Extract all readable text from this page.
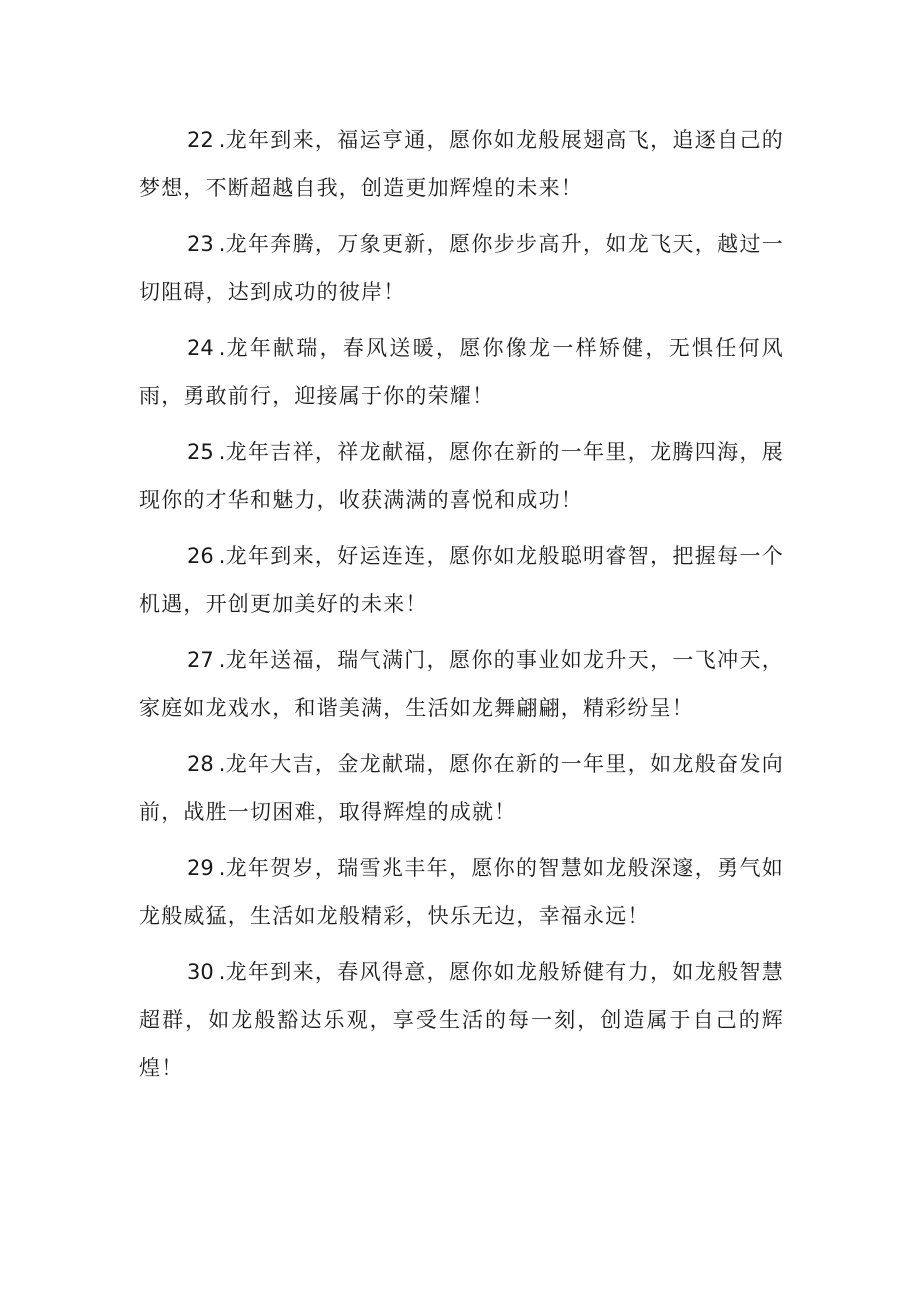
22 .龙年到来，福运亨通，愿你如龙般展翅高飞，追逐自己的梦想，不断超越自我，创造更加辉煌的未来！

23 .龙年奔腾，万象更新，愿你步步高升，如龙飞天，越过一切阻碍，达到成功的彼岸！

24 .龙年献瑞，春风送暖，愿你像龙一样矫健，无惧任何风雨，勇敢前行，迎接属于你的荣耀！

25 .龙年吉祥，祥龙献福，愿你在新的一年里，龙腾四海，展现你的才华和魅力，收获满满的喜悦和成功！

26 .龙年到来，好运连连，愿你如龙般聪明睿智，把握每一个机遇，开创更加美好的未来！

27 .龙年送福，瑞气满门，愿你的事业如龙升天，一飞冲天，家庭如龙戏水，和谐美满，生活如龙舞翩翩，精彩纷呈！

28 .龙年大吉，金龙献瑞，愿你在新的一年里，如龙般奋发向前，战胜一切困难，取得辉煌的成就！

29 .龙年贺岁，瑞雪兆丰年，愿你的智慧如龙般深邃，勇气如龙般威猛，生活如龙般精彩，快乐无边，幸福永远！

30 .龙年到来，春风得意，愿你如龙般矫健有力，如龙般智慧超群，如龙般豁达乐观，享受生活的每一刻，创造属于自己的辉煌！
